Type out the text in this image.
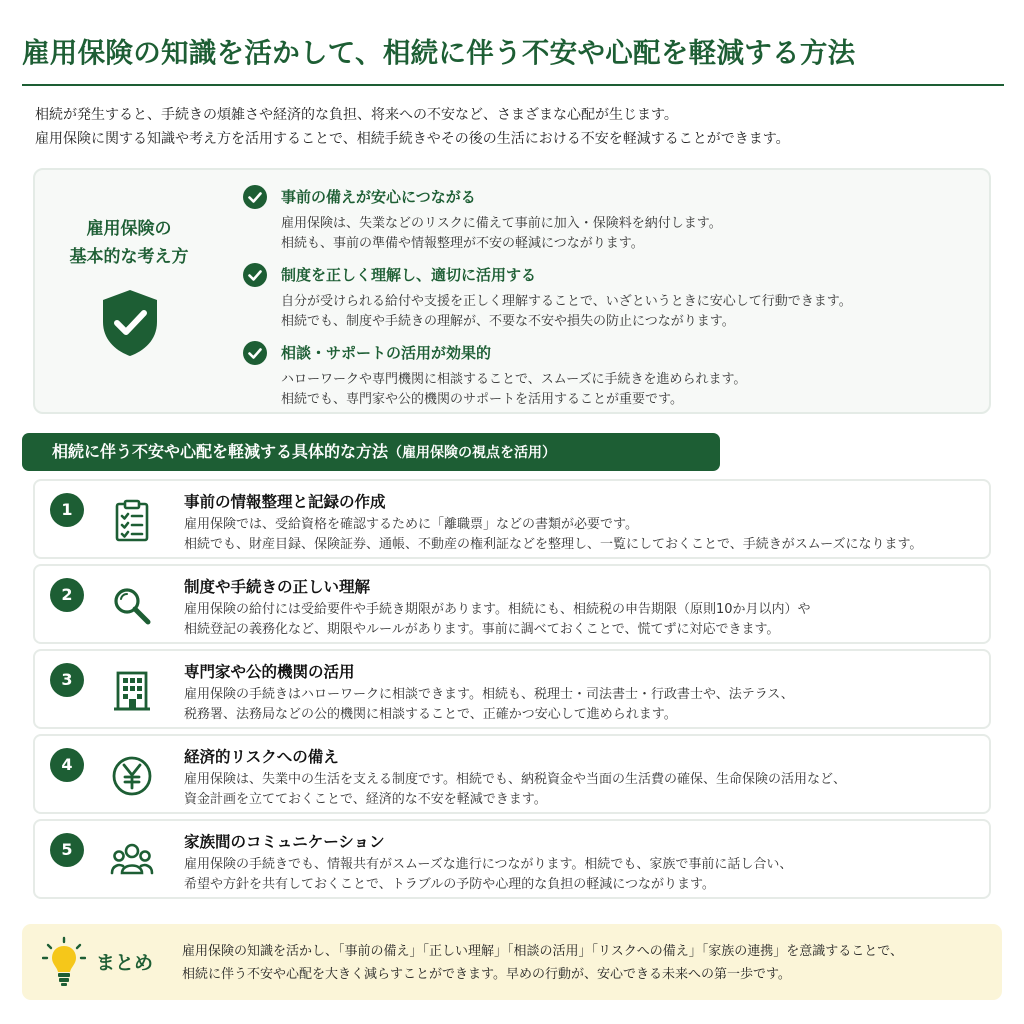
雇用保険の知識を活かして、相続に伴う不安や心配を軽減する方法

相続が発生すると、手続きの煩雑さや経済的な負担、将来への不安など、さまざまな心配が生じます。

雇用保険に関する知識や考え方を活用することで、相続手続きやその後の生活における不安を軽減することができます。

雇用保険の
基本的な考え方
事前の備えが安心につながる
雇用保険は、失業などのリスクに備えて事前に加入・保険料を納付します。
相続も、事前の準備や情報整理が不安の軽減につながります。
制度を正しく理解し、適切に活用する
自分が受けられる給付や支援を正しく理解することで、いざというときに安心して行動できます。
相続でも、制度や手続きの理解が、不要な不安や損失の防止につながります。
相談・サポートの活用が効果的
ハローワークや専門機関に相談することで、スムーズに手続きを進められます。
相続でも、専門家や公的機関のサポートを活用することが重要です。
相続に伴う不安や心配を軽減する具体的な方法（雇用保険の視点を活用）
1	事前の情報整理と記録の作成
雇用保険では、受給資格を確認するために「離職票」などの書類が必要です。
相続でも、財産目録、保険証券、通帳、不動産の権利証などを整理し、一覧にしておくことで、手続きがスムーズになります。
2	制度や手続きの正しい理解
雇用保険の給付には受給要件や手続き期限があります。相続にも、相続税の申告期限（原則10か月以内）や
相続登記の義務化など、期限やルールがあります。事前に調べておくことで、慌てずに対応できます。
3	専門家や公的機関の活用
雇用保険の手続きはハローワークに相談できます。相続も、税理士・司法書士・行政書士や、法テラス、
税務署、法務局などの公的機関に相談することで、正確かつ安心して進められます。
4	経済的リスクへの備え
雇用保険は、失業中の生活を支える制度です。相続でも、納税資金や当面の生活費の確保、生命保険の活用など、
資金計画を立てておくことで、経済的な不安を軽減できます。
5	家族間のコミュニケーション
雇用保険の手続きでも、情報共有がスムーズな進行につながります。相続でも、家族で事前に話し合い、
希望や方針を共有しておくことで、トラブルの予防や心理的な負担の軽減につながります。
まとめ
雇用保険の知識を活かし、「事前の備え」「正しい理解」「相談の活用」「リスクへの備え」「家族の連携」を意識することで、
相続に伴う不安や心配を大きく減らすことができます。早めの行動が、安心できる未来への第一歩です。
